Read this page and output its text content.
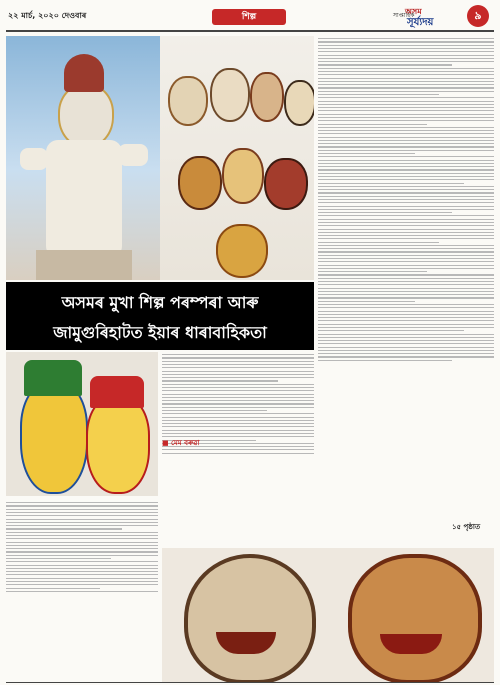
২২ মার্চ, ২০২০ দেওবাৰ	শিল্প	সাপ্তাহিক
অসম
সূৰ্য্যদয়
৯
অসমৰ মুখা শিল্প পৰম্পৰা আৰু
জামুগুৰিহাটত ইয়াৰ ধাৰাবাহিকতা
■ মেম বৰুৱা
১৫ পৃষ্ঠাত
